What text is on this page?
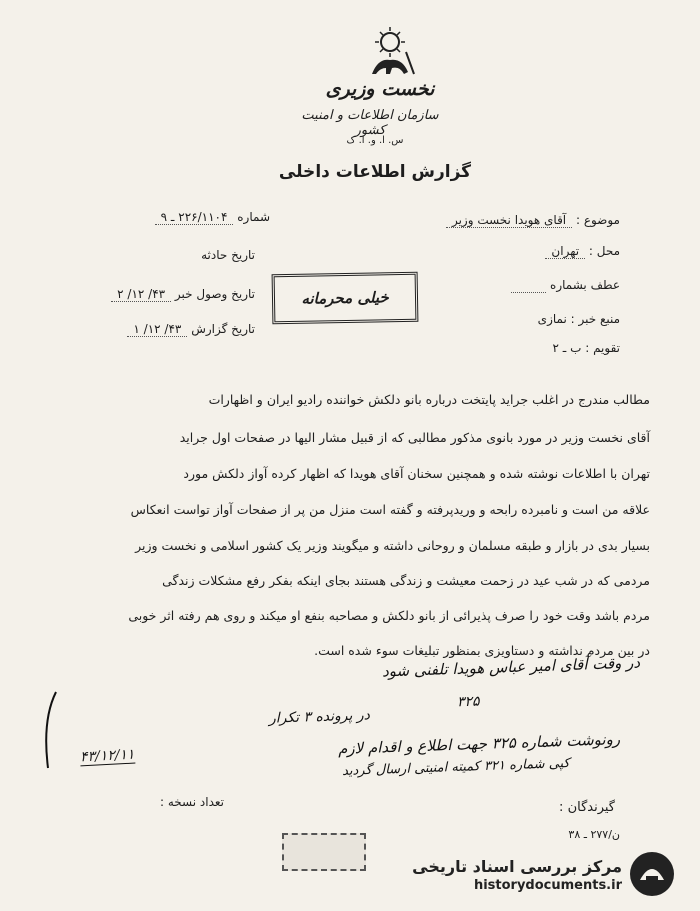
نخست وزیری
سازمان اطلاعات و امنیت کشور
س. ا. و. ا. ک
گزارش اطلاعات داخلی
موضوع : آقای هویدا نخست وزیر
محل : تهران
عطف بشماره
منبع خبر : نمازی
تقویم : ب ـ ۲
شماره ۲۲۶/۱۱۰۴ ـ ۹
تاریخ حادثه
تاریخ وصول خبر ۴۳/ ۱۲/ ۲
تاریخ گزارش ۴۳/ ۱۲/ ۱
خیلی محرمانه
مطالب مندرج در اغلب جراید پایتخت درباره بانو دلکش خواننده رادیو ایران و اظهارات
آقای نخست وزیر در مورد بانوی مذکور مطالبی که از قبیل مشار الیها در صفحات اول جراید
تهران با اطلاعات نوشته شده و همچنین سخنان آقای هویدا که اظهار کرده آواز دلکش مورد
علاقه من است و نامبرده رابحه و وریدپرفته و گفته است منزل من پر از صفحات آواز تواست انعکاس
بسیار بدی در بازار و طبقه مسلمان و روحانی داشته و میگویند وزیر یک کشور اسلامی و نخست وزیر
مردمی که در شب عید در زحمت معیشت و زندگی هستند بجای اینکه بفکر رفع مشکلات زندگی
مردم باشد وقت خود را صرف پذیرائی از بانو دلکش و مصاحبه بنفع او میکند و روی هم رفته اثر خوبی
در بین مردم نداشته و دستاویزی بمنظور تبلیغات سوء شده است.
در وقت آقای امیر عباس هویدا تلفنی شود
۳۲۵
در پرونده ۳ تکرار
رونوشت شماره ۳۲۵ جهت اطلاع و اقدام لازم
کپی شماره ۳۲۱ کمیته امنیتی ارسال گردید
۴۳/۱۲/۱۱
تعداد نسخه :	گیرندگان :
ن/۲۷۷ ـ ۳۸
مرکز بررسی اسناد تاریخی
historydocuments.ir
